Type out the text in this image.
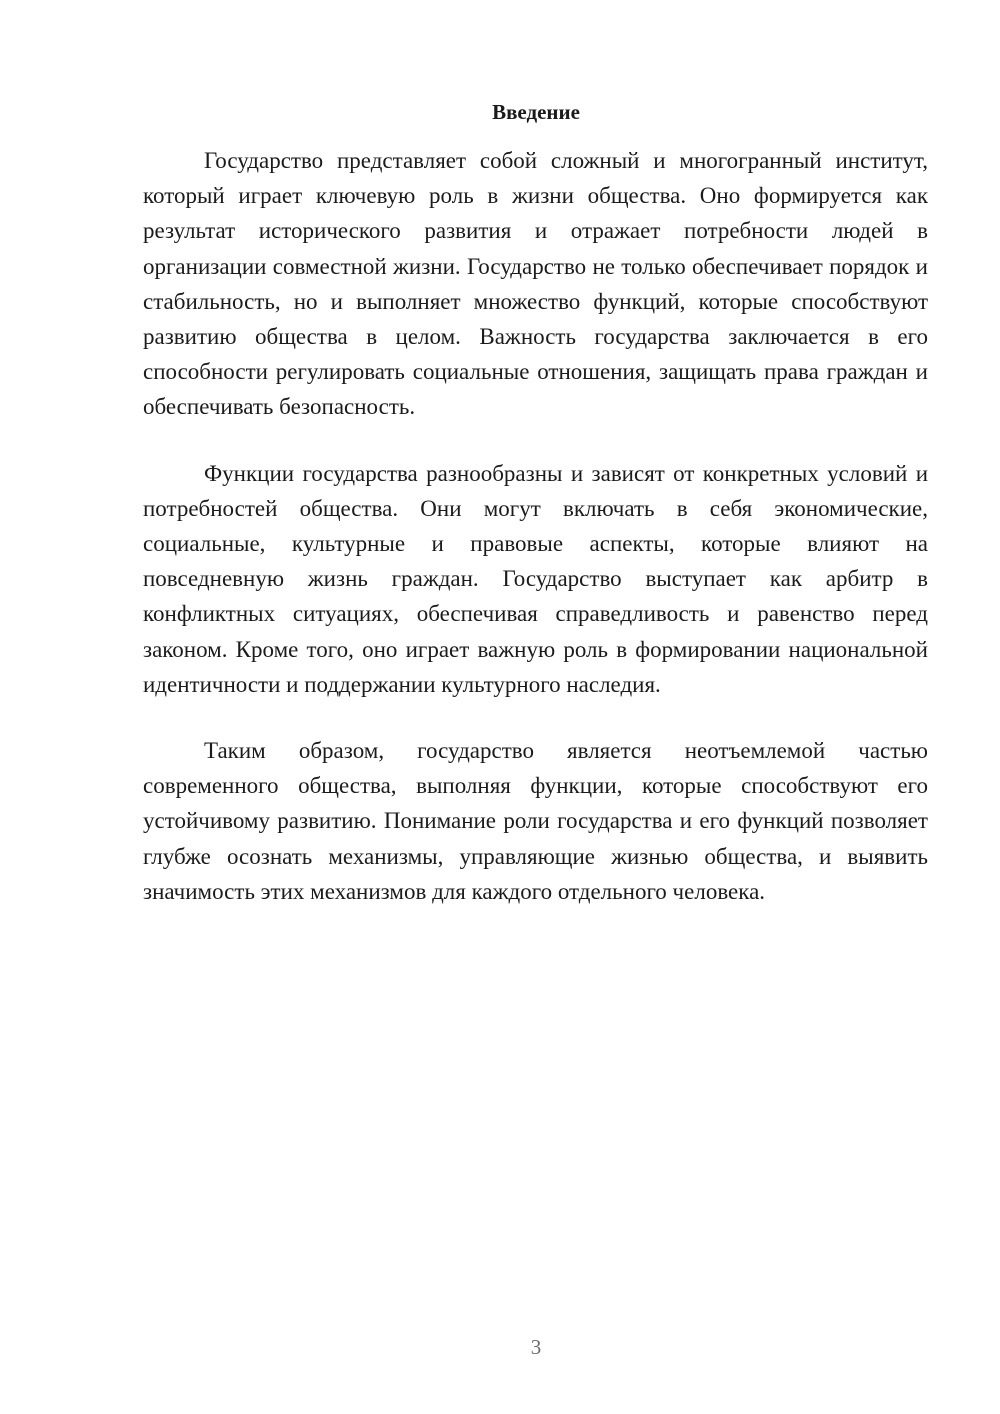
Введение

Государство представляет собой сложный и многогранный институт, который играет ключевую роль в жизни общества. Оно формируется как результат исторического развития и отражает потребности людей в организации совместной жизни. Государство не только обеспечивает порядок и стабильность, но и выполняет множество функций, которые способствуют развитию общества в целом. Важность государства заключается в его способности регулировать социальные отношения, защищать права граждан и обеспечивать безопасность.

Функции государства разнообразны и зависят от конкретных условий и потребностей общества. Они могут включать в себя экономические, социальные, культурные и правовые аспекты, которые влияют на повседневную жизнь граждан. Государство выступает как арбитр в конфликтных ситуациях, обеспечивая справедливость и равенство перед законом. Кроме того, оно играет важную роль в формировании национальной идентичности и поддержании культурного наследия.

Таким образом, государство является неотъемлемой частью современного общества, выполняя функции, которые способствуют его устойчивому развитию. Понимание роли государства и его функций позволяет глубже осознать механизмы, управляющие жизнью общества, и выявить значимость этих механизмов для каждого отдельного человека.

3
